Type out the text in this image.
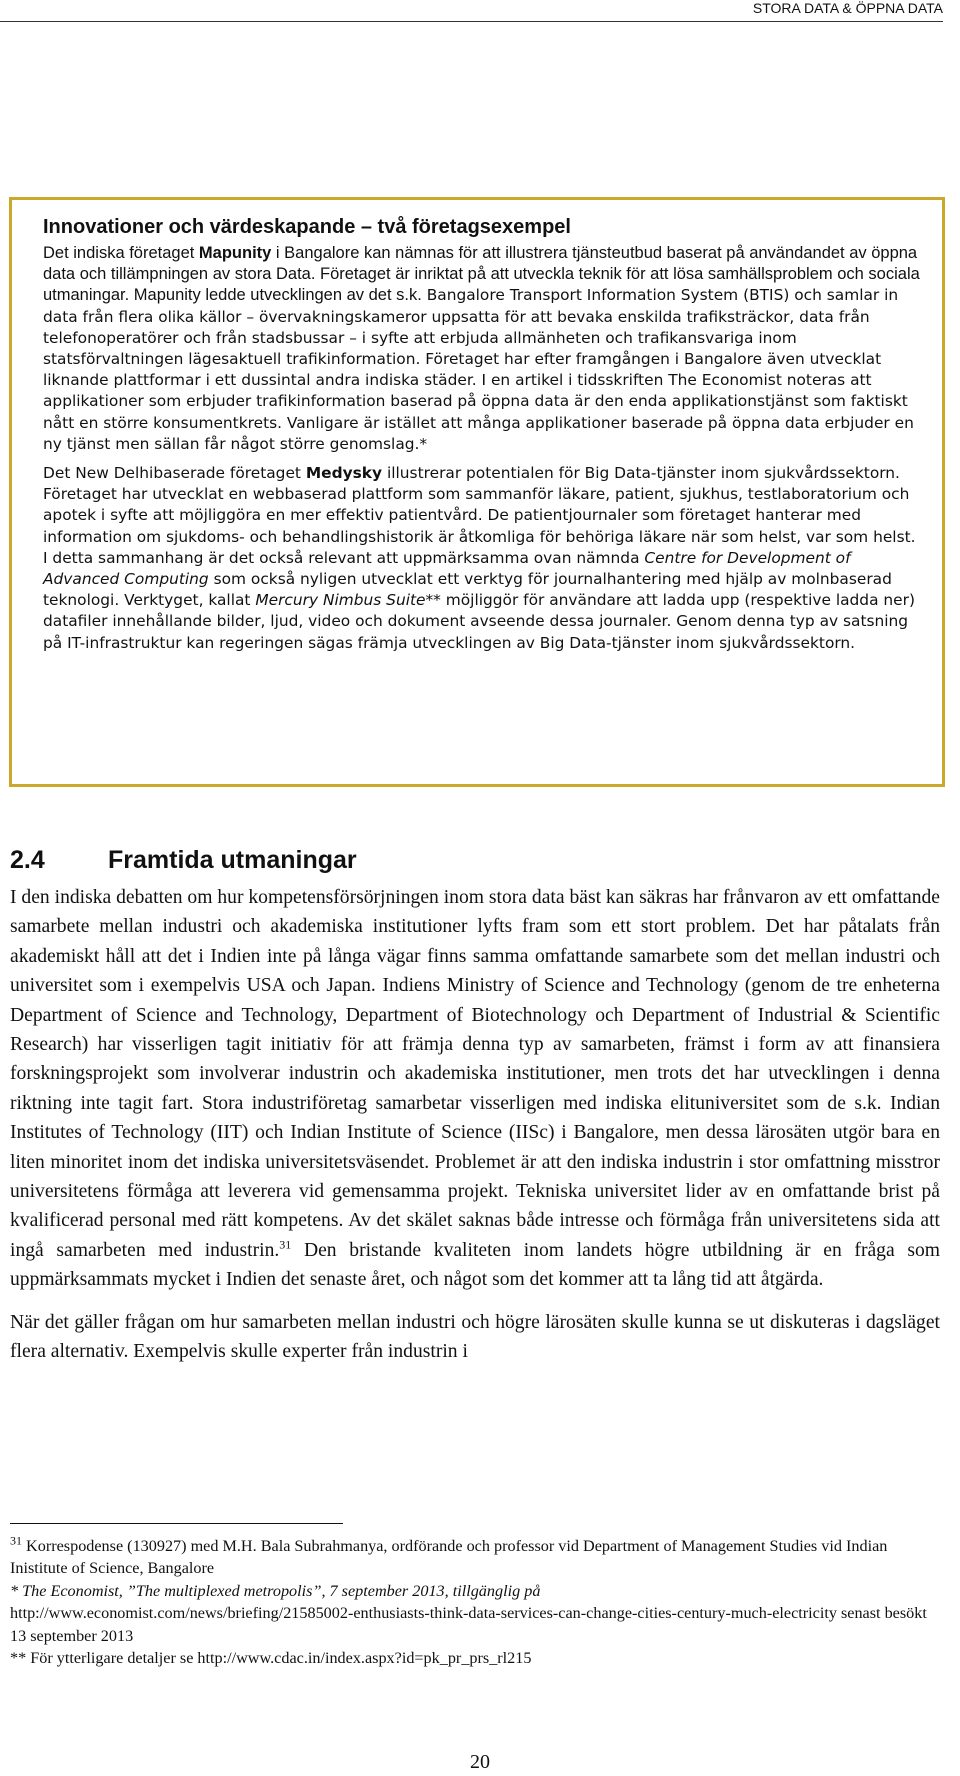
STORA DATA & ÖPPNA DATA
Innovationer och värdeskapande – två företagsexempel

Det indiska företaget Mapunity i Bangalore kan nämnas för att illustrera tjänsteutbud baserat på användandet av öppna data och tillämpningen av stora Data. Företaget är inriktat på att utveckla teknik för att lösa samhällsproblem och sociala utmaningar. Mapunity ledde utvecklingen av det s.k. Bangalore Transport Information System (BTIS) och samlar in data från flera olika källor – övervakningskameror uppsatta för att bevaka enskilda trafiksträckor, data från telefonoperatörer och från stadsbussar – i syfte att erbjuda allmänheten och trafikansvariga inom statsförvaltningen lägesaktuell trafikinformation. Företaget har efter framgången i Bangalore även utvecklat liknande plattformar i ett dussintal andra indiska städer. I en artikel i tidsskriften The Economist noteras att applikationer som erbjuder trafikinformation baserad på öppna data är den enda applikationstjänst som faktiskt nått en större konsumentkrets. Vanligare är istället att många applikationer baserade på öppna data erbjuder en ny tjänst men sällan får något större genomslag.*

Det New Delhibaserade företaget Medysky illustrerar potentialen för Big Data-tjänster inom sjukvårdssektorn. Företaget har utvecklat en webbaserad plattform som sammanför läkare, patient, sjukhus, testlaboratorium och apotek i syfte att möjliggöra en mer effektiv patientvård. De patientjournaler som företaget hanterar med information om sjukdoms- och behandlingshistorik är åtkomliga för behöriga läkare när som helst, var som helst. I detta sammanhang är det också relevant att uppmärksamma ovan nämnda Centre for Development of Advanced Computing som också nyligen utvecklat ett verktyg för journalhantering med hjälp av molnbaserad teknologi. Verktyget, kallat Mercury Nimbus Suite** möjliggör för användare att ladda upp (respektive ladda ner) datafiler innehållande bilder, ljud, video och dokument avseende dessa journaler. Genom denna typ av satsning på IT-infrastruktur kan regeringen sägas främja utvecklingen av Big Data-tjänster inom sjukvårdssektorn.

2.4	Framtida utmaningar

I den indiska debatten om hur kompetensförsörjningen inom stora data bäst kan säkras har frånvaron av ett omfattande samarbete mellan industri och akademiska institutioner lyfts fram som ett stort problem. Det har påtalats från akademiskt håll att det i Indien inte på långa vägar finns samma omfattande samarbete som det mellan industri och universitet som i exempelvis USA och Japan. Indiens Ministry of Science and Technology (genom de tre enheterna Department of Science and Technology, Department of Biotechnology och Department of Industrial & Scientific Research) har visserligen tagit initiativ för att främja denna typ av samarbeten, främst i form av att finansiera forskningsprojekt som involverar industrin och akademiska institutioner, men trots det har utvecklingen i denna riktning inte tagit fart. Stora industriföretag samarbetar visserligen med indiska elituniversitet som de s.k. Indian Institutes of Technology (IIT) och Indian Institute of Science (IISc) i Bangalore, men dessa lärosäten utgör bara en liten minoritet inom det indiska universitetsväsendet. Problemet är att den indiska industrin i stor omfattning misstror universitetens förmåga att leverera vid gemensamma projekt. Tekniska universitet lider av en omfattande brist på kvalificerad personal med rätt kompetens. Av det skälet saknas både intresse och förmåga från universitetens sida att ingå samarbeten med industrin.$^{31}$ Den bristande kvaliteten inom landets högre utbildning är en fråga som uppmärksammats mycket i Indien det senaste året, och något som det kommer att ta lång tid att åtgärda.

När det gäller frågan om hur samarbeten mellan industri och högre lärosäten skulle kunna se ut diskuteras i dagsläget flera alternativ. Exempelvis skulle experter från industrin i

$^{31}$ Korrespodense (130927) med M.H. Bala Subrahmanya, ordförande och professor vid Department of Management Studies vid Indian Inistitute of Science, Bangalore

* The Economist, ”The multiplexed metropolis”, 7 september 2013, tillgänglig på

http://www.economist.com/news/briefing/21585002-enthusiasts-think-data-services-can-change-cities-century-much-electricity senast besökt 13 september 2013

** För ytterligare detaljer se http://www.cdac.in/index.aspx?id=pk_pr_prs_rl215

20
